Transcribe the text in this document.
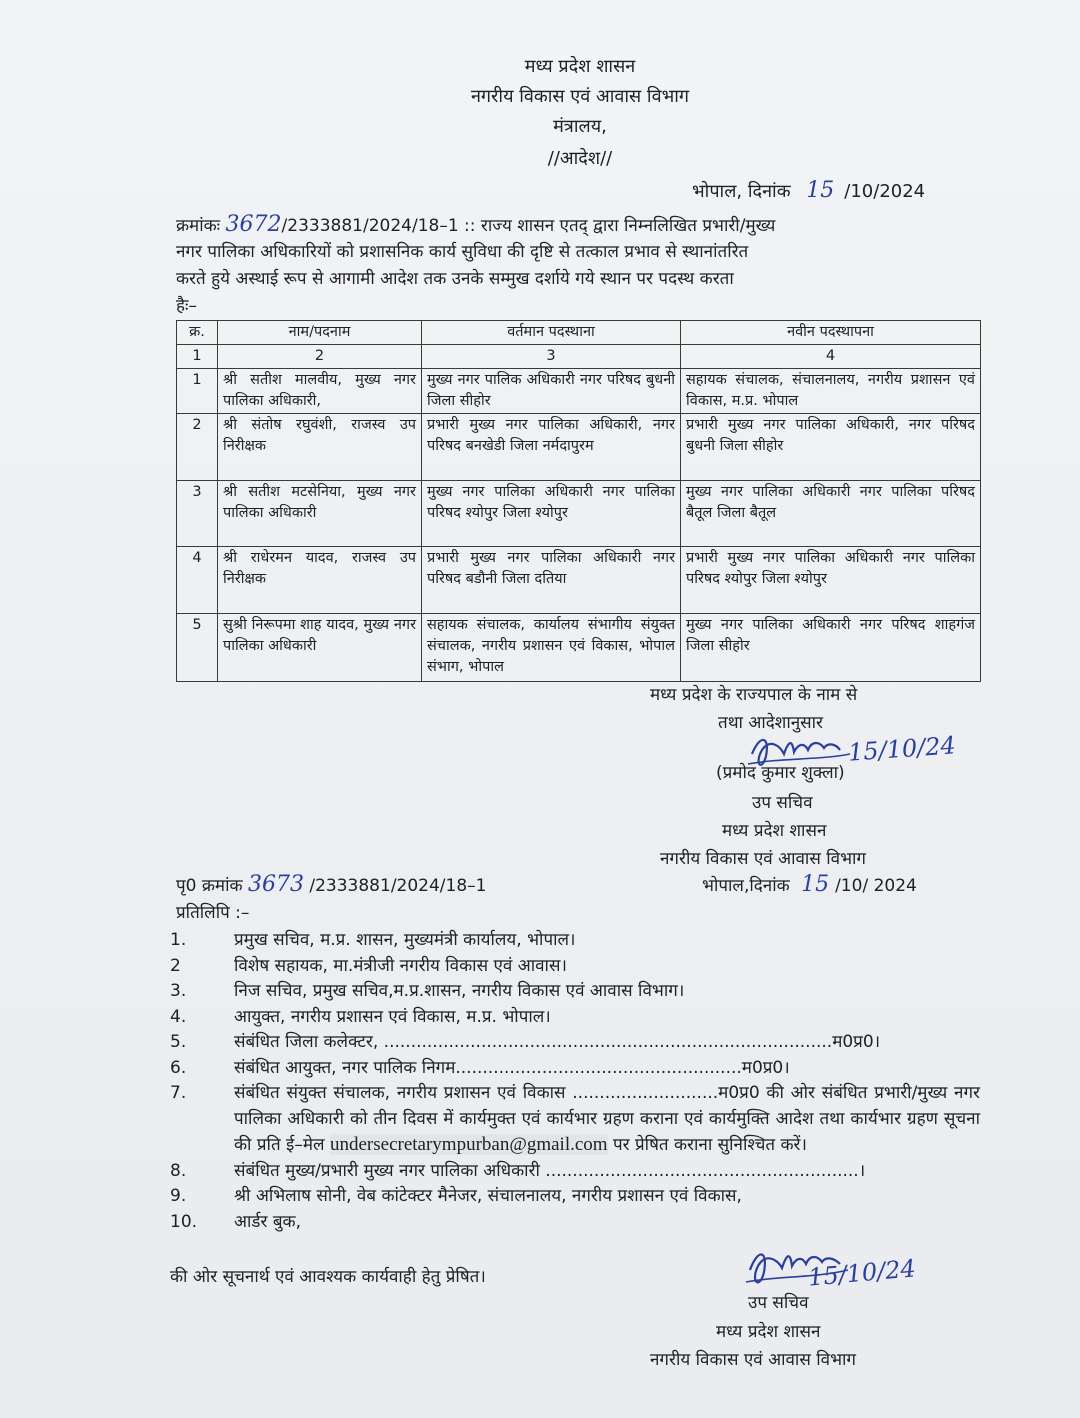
मध्य प्रदेश शासन
नगरीय विकास एवं आवास विभाग
मंत्रालय,
//आदेश//
भोपाल, दिनांक 15 /10/2024
क्रमांकः 3672/2333881/2024/18–1 :: राज्य शासन एतद् द्वारा निम्नलिखित प्रभारी/मुख्य
नगर पालिका अधिकारियों को प्रशासनिक कार्य सुविधा की दृष्टि से तत्काल प्रभाव से स्थानांतरित
करते हुये अस्थाई रूप से आगामी आदेश तक उनके सम्मुख दर्शाये गये स्थान पर पदस्थ करता
हैः–
क्र.	नाम/पदनाम	वर्तमान पदस्थाना	नवीन पदस्थापना
1	2	3	4
1	श्री सतीश मालवीय, मुख्य नगर पालिका अधिकारी,	मुख्य नगर पालिक अधिकारी नगर परिषद बुधनी जिला सीहोर	सहायक संचालक, संचालनालय, नगरीय प्रशासन एवं विकास, म.प्र. भोपाल
2	श्री संतोष रघुवंशी, राजस्व उप निरीक्षक	प्रभारी मुख्य नगर पालिका अधिकारी, नगर परिषद बनखेडी जिला नर्मदापुरम	प्रभारी मुख्य नगर पालिका अधिकारी, नगर परिषद बुधनी जिला सीहोर
3	श्री सतीश मटसेनिया, मुख्य नगर पालिका अधिकारी	मुख्य नगर पालिका अधिकारी नगर पालिका परिषद श्योपुर जिला श्योपुर	मुख्य नगर पालिका अधिकारी नगर पालिका परिषद बैतूल जिला बैतूल
4	श्री राधेरमन यादव, राजस्व उप निरीक्षक	प्रभारी मुख्य नगर पालिका अधिकारी नगर परिषद बडौनी जिला दतिया	प्रभारी मुख्य नगर पालिका अधिकारी नगर पालिका परिषद श्योपुर जिला श्योपुर
5	सुश्री निरूपमा शाह यादव, मुख्य नगर पालिका अधिकारी	सहायक संचालक, कार्यालय संभागीय संयुक्त संचालक, नगरीय प्रशासन एवं विकास, भोपाल संभाग, भोपाल	मुख्य नगर पालिका अधिकारी नगर परिषद शाहगंज जिला सीहोर
मध्य प्रदेश के राज्यपाल के नाम से
तथा आदेशानुसार
(प्रमोद कुमार शुक्ला)
उप सचिव
मध्य प्रदेश शासन
नगरीय विकास एवं आवास विभाग
15/10/24
पृ0 क्रमांक 3673 /2333881/2024/18–1	भोपाल,दिनांक 15 /10/ 2024
प्रतिलिपि :–
1.	प्रमुख सचिव, म.प्र. शासन, मुख्यमंत्री कार्यालय, भोपाल।
2	विशेष सहायक, मा.मंत्रीजी नगरीय विकास एवं आवास।
3.	निज सचिव, प्रमुख सचिव,म.प्र.शासन, नगरीय विकास एवं आवास विभाग।
4.	आयुक्त, नगरीय प्रशासन एवं विकास, म.प्र. भोपाल।
5.	संबंधित जिला कलेक्टर, ...................................................................................म0प्र0।
6.	संबंधित आयुक्त, नगर पालिक निगम.....................................................म0प्र0।
7.	संबंधित संयुक्त संचालक, नगरीय प्रशासन एवं विकास ...........................म0प्र0 की ओर संबंधित प्रभारी/मुख्य नगर पालिका अधिकारी को तीन दिवस में कार्यमुक्त एवं कार्यभार ग्रहण कराना एवं कार्यमुक्ति आदेश तथा कार्यभार ग्रहण सूचना की प्रति ई–मेल undersecretarympurban@gmail.com पर प्रेषित कराना सुनिश्चित करें।
8.	संबंधित मुख्य/प्रभारी मुख्य नगर पालिका अधिकारी ..........................................................।
9.	श्री अभिलाष सोनी, वेब कांटेक्टर मैनेजर, संचालनालय, नगरीय प्रशासन एवं विकास,
10.	आर्डर बुक,
की ओर सूचनार्थ एवं आवश्यक कार्यवाही हेतु प्रेषित।	15/10/24
उप सचिव
मध्य प्रदेश शासन
नगरीय विकास एवं आवास विभाग
